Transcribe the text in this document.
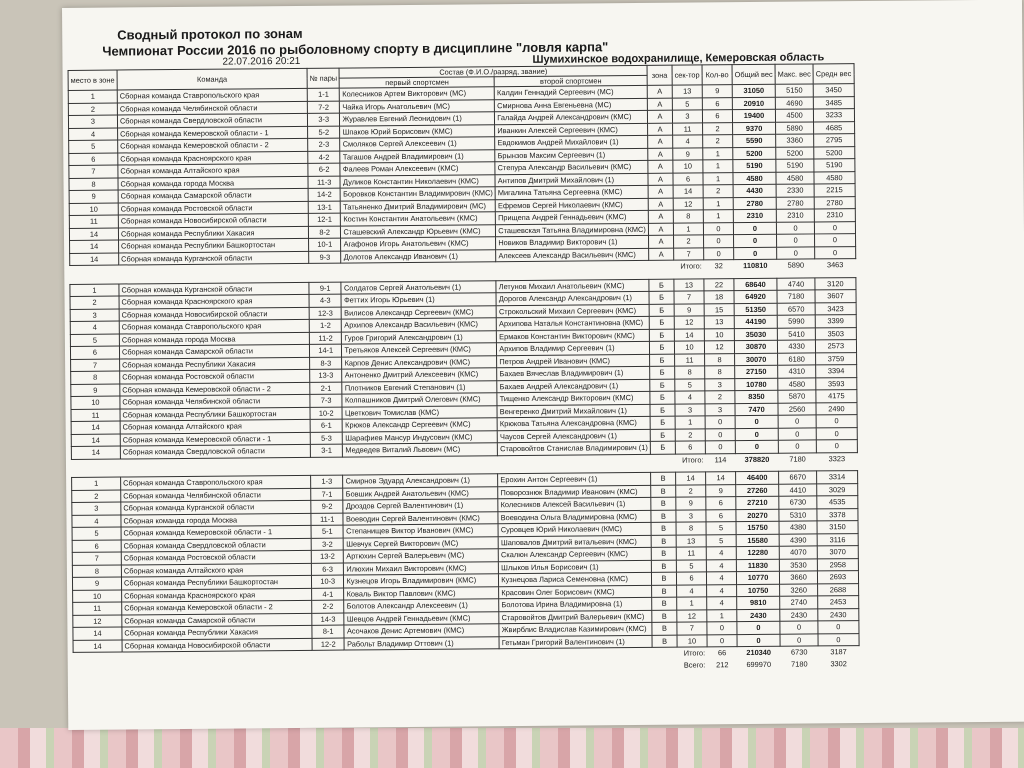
Сводный протокол по зонам
Чемпионат России 2016 по рыболовному спорту в дисциплине "ловля карпа"
22.07.2016 20:21	Шумихинское водохранилище, Кемеровская область
место в зоне	Команда	№ пары	Состав (Ф.И.О./разряд, звание)		зона	сек-тор	Кол-во	Общий вес	Макс. вес	Средн вес
			первый спортсмен	второй спортсмен						
1	Сборная команда Ставропольского края	1-1	Колесников Артем Викторович (МС)	Калдин Геннадий Сергеевич (МС)	А	13	9	31050	5150	3450
2	Сборная команда Челябинской области	7-2	Чайка Игорь Анатольевич (МС)	Смирнова Анна Евгеньевна (МС)	А	5	6	20910	4690	3485
3	Сборная команда Свердловской области	3-3	Журавлев Евгений Леонидович (1)	Галайда Андрей Александрович (КМС)	А	3	6	19400	4500	3233
4	Сборная команда Кемеровской области - 1	5-2	Шпаков Юрий Борисович (КМС)	Иванкин Алексей Сергеевич (КМС)	А	11	2	9370	5890	4685
5	Сборная команда Кемеровской области - 2	2-3	Смоляков Сергей Алексеевич (1)	Евдокимов Андрей Михайлович (1)	А	4	2	5590	3360	2795
6	Сборная команда Красноярского края	4-2	Тагашов Андрей Владимирович (1)	Брынзов Максим Сергеевич (1)	А	9	1	5200	5200	5200
7	Сборная команда Алтайского края	6-2	Фалеев Роман Алексеевич (КМС)	Степура Александр Васильевич (КМС)	А	10	1	5190	5190	5190
8	Сборная команда города Москва	11-3	Дуликов Константин Николаевич (КМС)	Антипов Дмитрий Михайлович (1)	А	6	1	4580	4580	4580
9	Сборная команда Самарской области	14-2	Боровков Константин Владимирович (КМС)	Мигалина Татьяна Сергеевна (КМС)	А	14	2	4430	2330	2215
10	Сборная команда Ростовской области	13-1	Татьяненко Дмитрий Владимирович (МС)	Ефремов Сергей Николаевич (КМС)	А	12	1	2780	2780	2780
11	Сборная команда Новосибирской области	12-1	Костин Константин Анатольевич (КМС)	Прищепа Андрей Геннадьевич (КМС)	А	8	1	2310	2310	2310
14	Сборная команда Республики Хакасия	8-2	Сташевский Александр Юрьевич (КМС)	Сташевская Татьяна Владимировна (КМС)	А	1	0	0	0	0
14	Сборная команда Республики Башкортостан	10-1	Агафонов Игорь Анатольевич (КМС)	Новиков Владимир Викторович (1)	А	2	0	0	0	0
14	Сборная команда Курганской области	9-3	Долотов Александр Иванович (1)	Алексеев Александр Васильевич (КМС)	А	7	0	0	0	0
Итого:							32	110810	5890	3463

1	Сборная команда Курганской области	9-1	Солдатов Сергей Анатольевич (1)	Летунов Михаил Анатольевич (КМС)	Б	13	22	68640	4740	3120
2	Сборная команда Красноярского края	4-3	Феттих Игорь Юрьевич (1)	Дорогов Александр Александрович (1)	Б	7	18	64920	7180	3607
3	Сборная команда Новосибирской области	12-3	Вилисов Александр Сергеевич (КМС)	Строкольский Михаил Сергеевич (КМС)	Б	9	15	51350	6570	3423
4	Сборная команда Ставропольского края	1-2	Архипов Александр Васильевич (КМС)	Архипова Наталья Константиновна (КМС)	Б	12	13	44190	5990	3399
5	Сборная команда города Москва	11-2	Гуров Григорий Александрович (1)	Ермаков Константин Викторович (КМС)	Б	14	10	35030	5410	3503
6	Сборная команда Самарской области	14-1	Третьяков Алексей Сергеевич (КМС)	Архипов Владимир Сергеевич (1)	Б	10	12	30870	4330	2573
7	Сборная команда Республики Хакасия	8-3	Карпов Денис Александрович (КМС)	Петров Андрей Иванович (КМС)	Б	11	8	30070	6180	3759
8	Сборная команда Ростовской области	13-3	Антоненко Дмитрий Алексеевич (КМС)	Бахаев Вячеслав Владимирович (1)	Б	8	8	27150	4310	3394
9	Сборная команда Кемеровской области - 2	2-1	Плотников Евгений Степанович (1)	Бахаев Андрей Александрович (1)	Б	5	3	10780	4580	3593
10	Сборная команда Челябинской области	7-3	Колпашников Дмитрий Олегович (КМС)	Тищенко Александр Викторович (КМС)	Б	4	2	8350	5870	4175
11	Сборная команда Республики Башкортостан	10-2	Цветкович Томислав (КМС)	Венгеренко Дмитрий Михайлович (1)	Б	3	3	7470	2560	2490
14	Сборная команда Алтайского края	6-1	Крюков Александр Сергеевич (КМС)	Крюкова Татьяна Александровна (КМС)	Б	1	0	0	0	0
14	Сборная команда Кемеровской области - 1	5-3	Шарафиев Мансур Индусович (КМС)	Чаусов Сергей Александрович (1)	Б	2	0	0	0	0
14	Сборная команда Свердловской области	3-1	Медведев Виталий Львович (МС)	Старовойтов Станислав Владимирович (1)	Б	6	0	0	0	0
Итого:							114	378820	7180	3323

1	Сборная команда Ставропольского края	1-3	Смирнов Эдуард Александрович (1)	Ерохин Антон Сергеевич (1)	В	14	14	46400	6670	3314
2	Сборная команда Челябинской области	7-1	Бовшик Андрей Анатольевич (КМС)	Поворознюк Владимир Иванович (КМС)	В	2	9	27260	4410	3029
3	Сборная команда Курганской области	9-2	Дроздов Сергей Валентинович (1)	Колесников Алексей Васильевич (1)	В	9	6	27210	6730	4535
4	Сборная команда города Москва	11-1	Воеводин Сергей Валентинович (КМС)	Воеводина Ольга Владимировна (КМС)	В	3	6	20270	5310	3378
5	Сборная команда Кемеровской области - 1	5-1	Степанищев Виктор Иванович (КМС)	Суровцев Юрий Николаевич (КМС)	В	8	5	15750	4380	3150
6	Сборная команда Свердловской области	3-2	Шевчук Сергей Викторович (МС)	Шаповалов Дмитрий витальевич (КМС)	В	13	5	15580	4390	3116
7	Сборная команда Ростовской области	13-2	Артюхин Сергей Валерьевич (МС)	Скалюн Александр Сергеевич (КМС)	В	11	4	12280	4070	3070
8	Сборная команда Алтайского края	6-3	Илюхин Михаил Викторович (КМС)	Шлыков Илья Борисович (1)	В	5	4	11830	3530	2958
9	Сборная команда Республики Башкортостан	10-3	Кузнецов Игорь Владимирович (КМС)	Кузнецова Лариса Семеновна (КМС)	В	6	4	10770	3660	2693
10	Сборная команда Красноярского края	4-1	Коваль Виктор Павлович (КМС)	Красовин Олег Борисович (КМС)	В	4	4	10750	3260	2688
11	Сборная команда Кемеровской области - 2	2-2	Болотов Александр Алексеевич (1)	Болотова Ирина Владимировна (1)	В	1	4	9810	2740	2453
12	Сборная команда Самарской области	14-3	Шевцов Андрей Геннадьевич (КМС)	Старовойтов Дмитрий Валерьевич (КМС)	В	12	1	2430	2430	2430
14	Сборная команда Республики Хакасия	8-1	Асочаков Денис Артемович (КМС)	Жвирблис Владислав Казимирович (КМС)	В	7	0	0	0	0
14	Сборная команда Новосибирской области	12-2	Рабольт Владимир Оттович (1)	Гетьман Григорий Валентинович (1)	В	10	0	0	0	0
Итого:							66	210340	6730	3187
Всего:							212	699970	7180	3302
